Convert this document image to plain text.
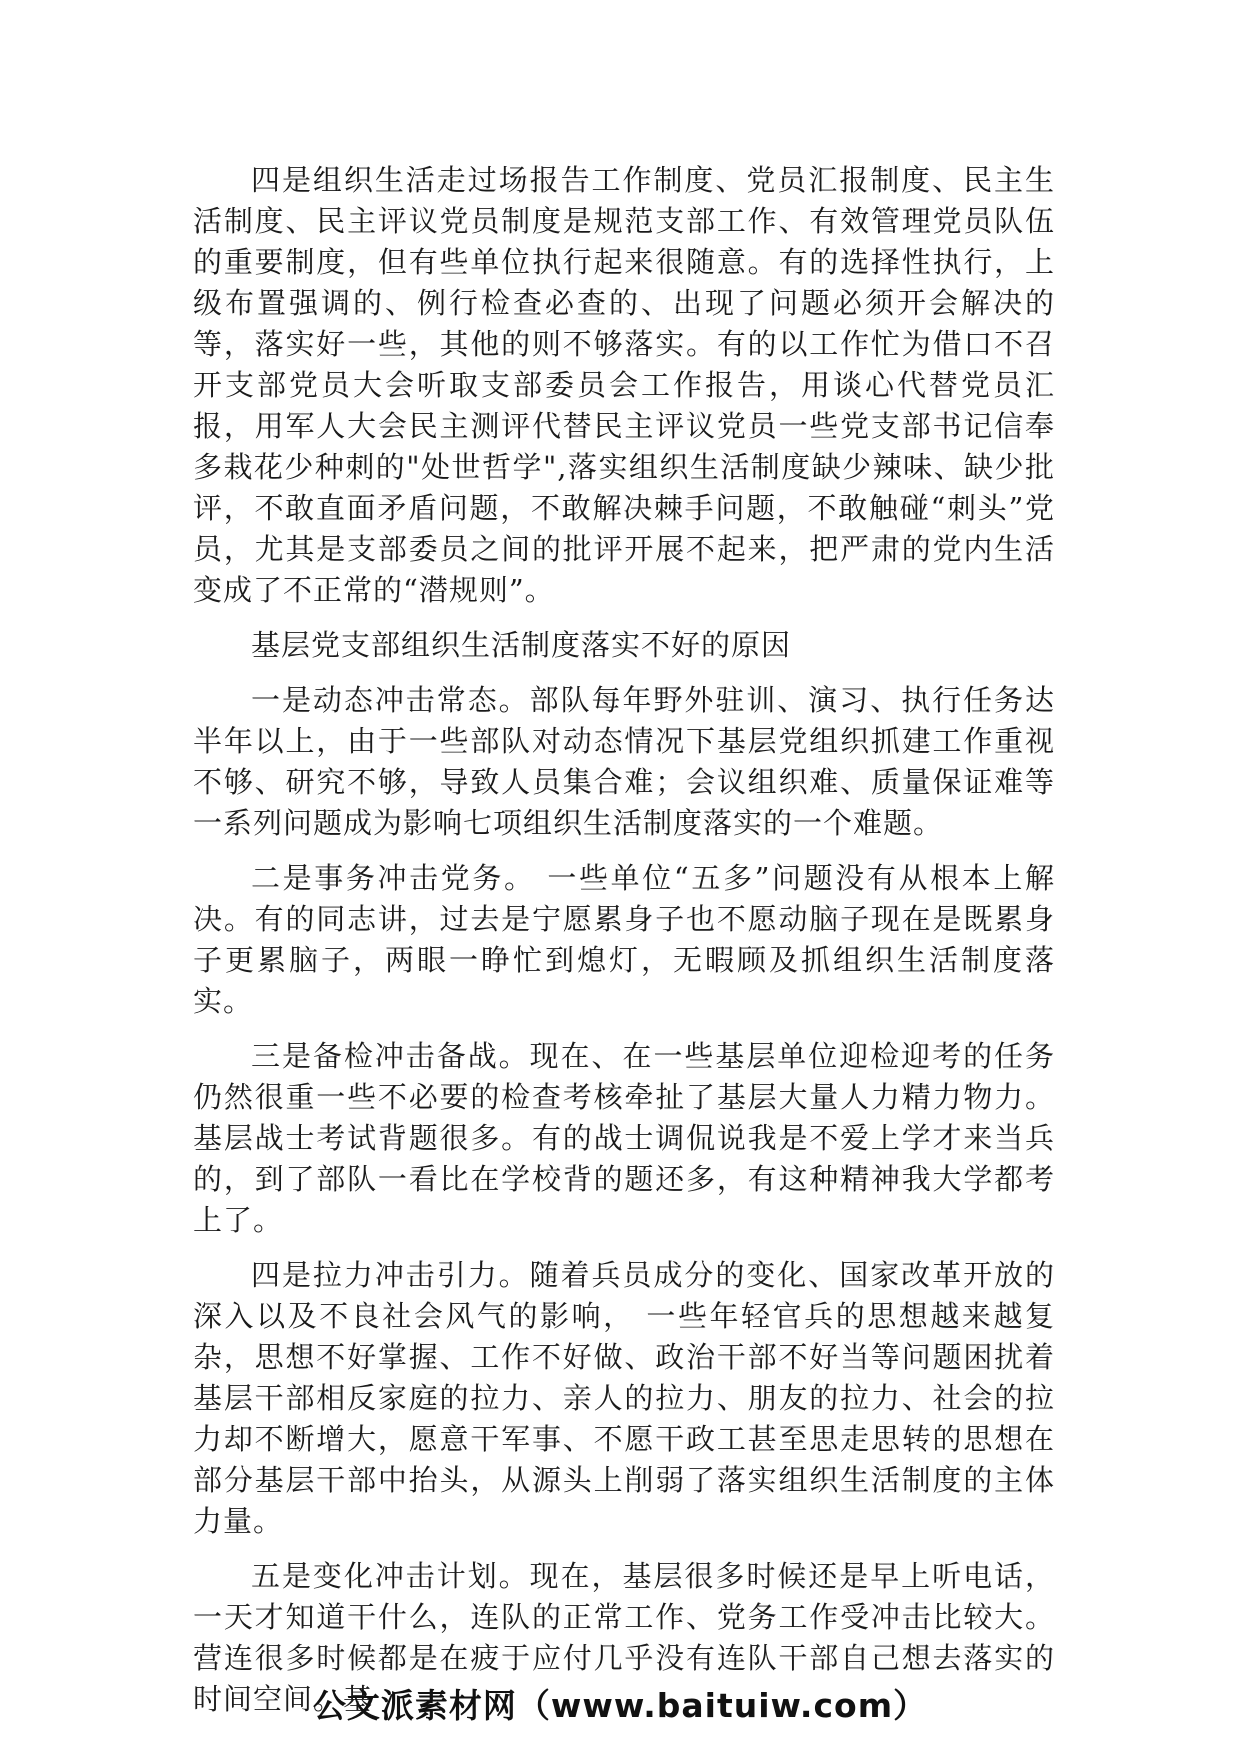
四是组织生活走过场报告工作制度、党员汇报制度、民主生活制度、民主评议党员制度是规范支部工作、有效管理党员队伍的重要制度，但有些单位执行起来很随意。有的选择性执行，上级布置强调的、例行检查必查的、出现了问题必须开会解决的等，落实好一些，其他的则不够落实。有的以工作忙为借口不召开支部党员大会听取支部委员会工作报告，用谈心代替党员汇报，用军人大会民主测评代替民主评议党员一些党支部书记信奉多栽花少种刺的"处世哲学",落实组织生活制度缺少辣味、缺少批评，不敢直面矛盾问题，不敢解决棘手问题，不敢触碰“刺头”党员，尤其是支部委员之间的批评开展不起来，把严肃的党内生活变成了不正常的“潜规则”。

基层党支部组织生活制度落实不好的原因

一是动态冲击常态。部队每年野外驻训、演习、执行任务达半年以上，由于一些部队对动态情况下基层党组织抓建工作重视不够、研究不够，导致人员集合难；会议组织难、质量保证难等一系列问题成为影响七项组织生活制度落实的一个难题。

二是事务冲击党务。 一些单位“五多”问题没有从根本上解决。有的同志讲，过去是宁愿累身子也不愿动脑子现在是既累身子更累脑子，两眼一睁忙到熄灯，无暇顾及抓组织生活制度落实。

三是备检冲击备战。现在、在一些基层单位迎检迎考的任务仍然很重一些不必要的检查考核牵扯了基层大量人力精力物力。基层战士考试背题很多。有的战士调侃说我是不爱上学才来当兵的，到了部队一看比在学校背的题还多，有这种精神我大学都考上了。

四是拉力冲击引力。随着兵员成分的变化、国家改革开放的深入以及不良社会风气的影响， 一些年轻官兵的思想越来越复杂，思想不好掌握、工作不好做、政治干部不好当等问题困扰着基层干部相反家庭的拉力、亲人的拉力、朋友的拉力、社会的拉力却不断增大，愿意干军事、不愿干政工甚至思走思转的思想在部分基层干部中抬头，从源头上削弱了落实组织生活制度的主体力量。

五是变化冲击计划。现在，基层很多时候还是早上听电话， 一天才知道干什么，连队的正常工作、党务工作受冲击比较大。营连很多时候都是在疲于应付几乎没有连队干部自己想去落实的时间空间。基

公文派素材网（www.baituiw.com）
